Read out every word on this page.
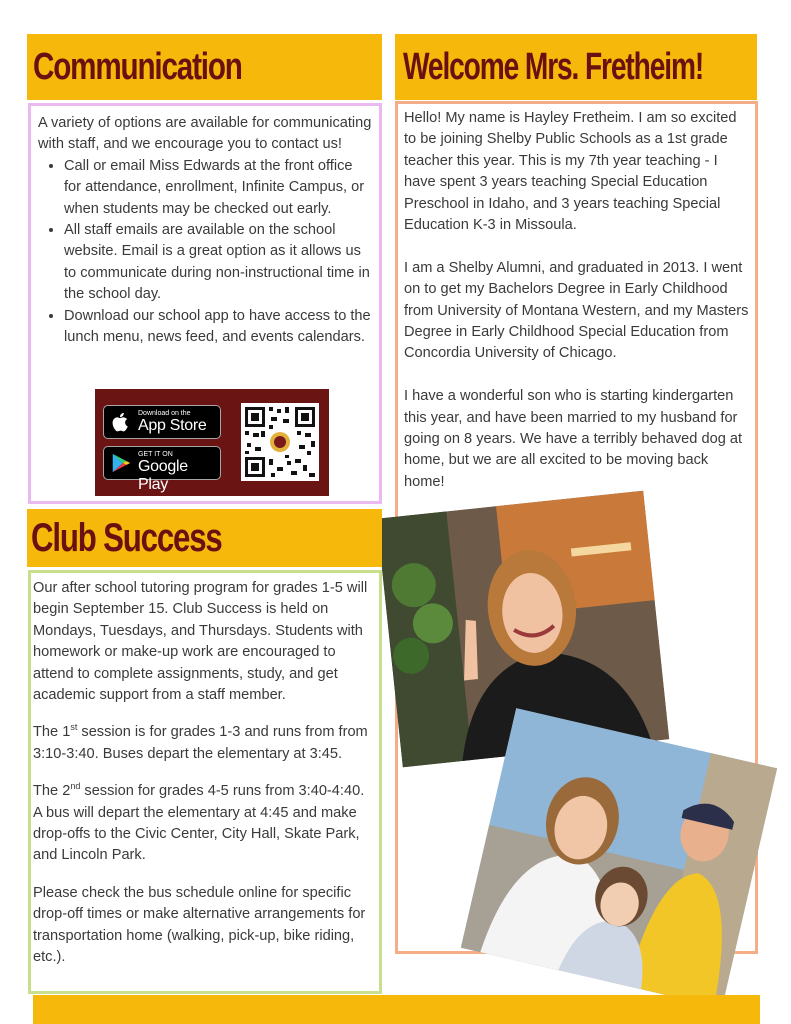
Communication

A variety of options are available for communicating with staff, and we encourage you to contact us!

• Call or email Miss Edwards at the front office for attendance, enrollment, Infinite Campus, or when students may be checked out early.
• All staff emails are available on the school website. Email is a great option as it allows us to communicate during non-instructional time in the school day.
• Download our school app to have access to the lunch menu, news feed, and events calendars.
Download on the
App Store
GET IT ON
Google Play
Welcome Mrs. Fretheim!

Hello! My name is Hayley Fretheim. I am so excited to be joining Shelby Public Schools as a 1st grade teacher this year. This is my 7th year teaching - I have spent 3 years teaching Special Education Preschool in Idaho, and 3 years teaching Special Education K-3 in Missoula.

I am a Shelby Alumni, and graduated in 2013. I went on to get my Bachelors Degree in Early Childhood from University of Montana Western, and my Masters Degree in Early Childhood Special Education from Concordia University of Chicago.

I have a wonderful son who is starting kindergarten this year, and have been married to my husband for going on 8 years. We have a terribly behaved dog at home, but we are all excited to be moving back home!

Club Success

Our after school tutoring program for grades 1-5 will begin September 15. Club Success is held on Mondays, Tuesdays, and Thursdays. Students with homework or make-up work are encouraged to attend to complete assignments, study, and get academic support from a staff member.

The 1st session is for grades 1-3 and runs from from 3:10-3:40. Buses depart the elementary at 3:45.

The 2nd session for grades 4-5 runs from 3:40-4:40. A bus will depart the elementary at 4:45 and make drop-offs to the Civic Center, City Hall, Skate Park, and Lincoln Park.

Please check the bus schedule online for specific drop-off times or make alternative arrangements for transportation home (walking, pick-up, bike riding, etc.).
